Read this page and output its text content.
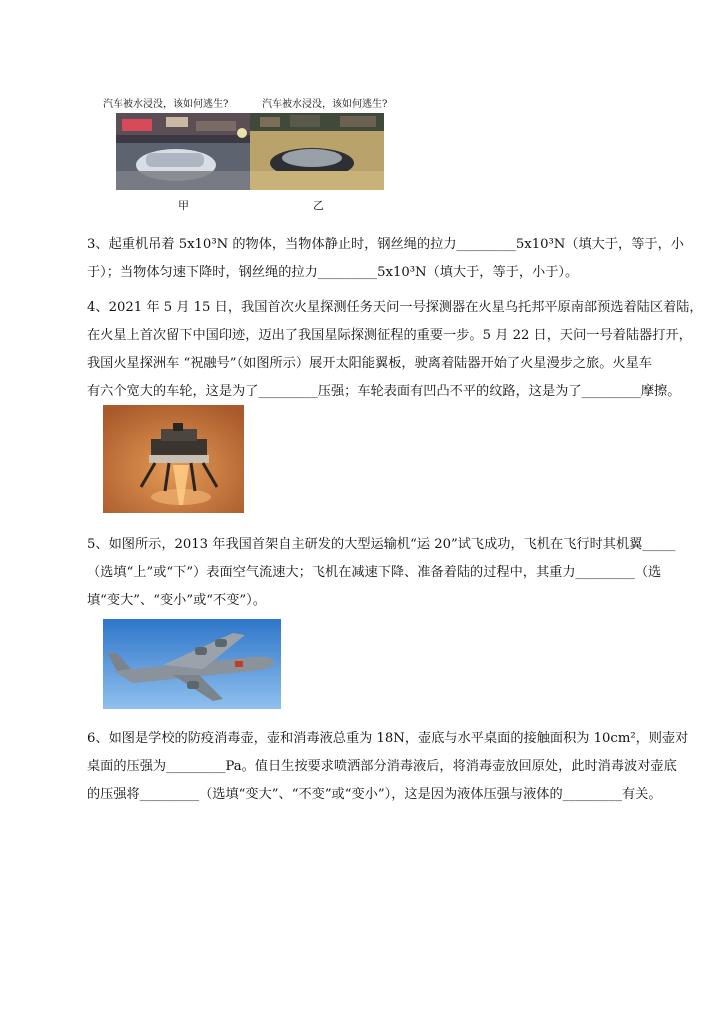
汽车被水浸没，该如何逃生?	汽车被水浸没，该如何逃生?
甲	乙
3、起重机吊着 5x10³N 的物体，当物体静止时，钢丝绳的拉力_________5x10³N（填大于，等于，小
于）；当物体匀速下降时，钢丝绳的拉力_________5x10³N（填大于，等于，小于）。
4、2021 年 5 月 15 日，我国首次火星探测任务天问一号探测器在火星乌托邦平原南部预选着陆区着陆，
在火星上首次留下中国印迹，迈出了我国星际探测征程的重要一步。5 月 22 日，天问一号着陆器打开，
我国火星探洲车 “祝融号”（如图所示）展开太阳能翼板，驶离着陆器开始了火星漫步之旅。火星车
有六个宽大的车轮，这是为了_________压强；车轮表面有凹凸不平的纹路，这是为了_________摩擦。
5、如图所示，2013 年我国首架自主研发的大型运输机“运 20”试飞成功，飞机在飞行时其机翼_____
（选填“上”或“下”）表面空气流速大；飞机在减速下降、准备着陆的过程中，其重力_________（选
填“变大”、“变小”或“不变”）。
6、如图是学校的防疫消毒壶，壶和消毒液总重为 18N，壶底与水平桌面的接触面积为 10cm²，则壶对
桌面的压强为_________Pa。值日生按要求喷洒部分消毒液后，将消毒壶放回原处，此时消毒波对壶底
的压强将_________（选填“变大”、“不变”或“变小”），这是因为液体压强与液体的_________有关。
